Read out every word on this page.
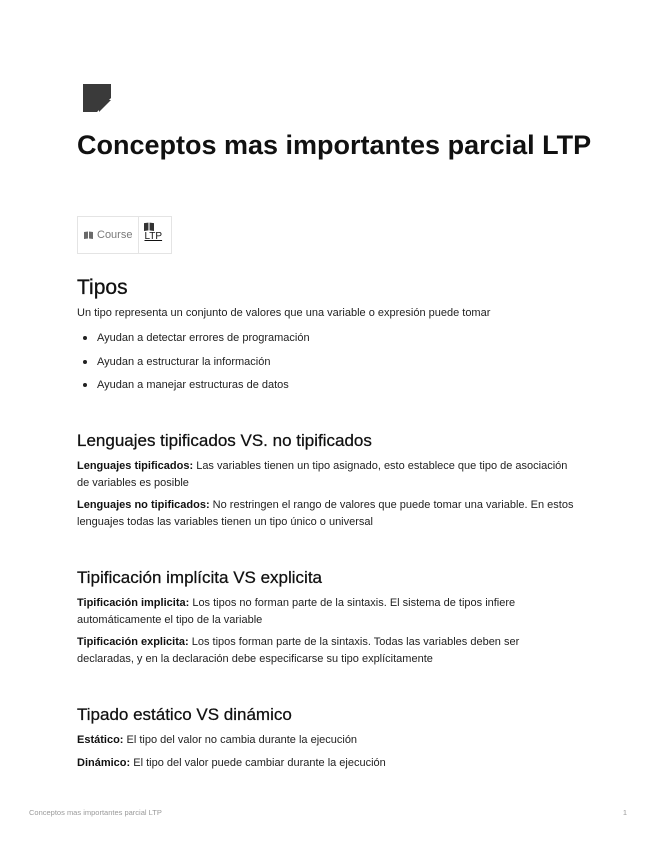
Conceptos mas importantes parcial LTP
Course LTP
Tipos

Un tipo representa un conjunto de valores que una variable o expresión puede tomar

Ayudan a detectar errores de programación
Ayudan a estructurar la información
Ayudan a manejar estructuras de datos
Lenguajes tipificados VS. no tipificados

Lenguajes tipificados: Las variables tienen un tipo asignado, esto establece que tipo de asociación de variables es posible

Lenguajes no tipificados: No restringen el rango de valores que puede tomar una variable. En estos lenguajes todas las variables tienen un tipo único o universal

Tipificación implícita VS explicita

Tipificación implicita: Los tipos no forman parte de la sintaxis. El sistema de tipos infiere automáticamente el tipo de la variable

Tipificación explicita: Los tipos forman parte de la sintaxis. Todas las variables deben ser declaradas, y en la declaración debe especificarse su tipo explícitamente

Tipado estático VS dinámico

Estático: El tipo del valor no cambia durante la ejecución

Dinámico: El tipo del valor puede cambiar durante la ejecución

Conceptos mas importantes parcial LTP	1
